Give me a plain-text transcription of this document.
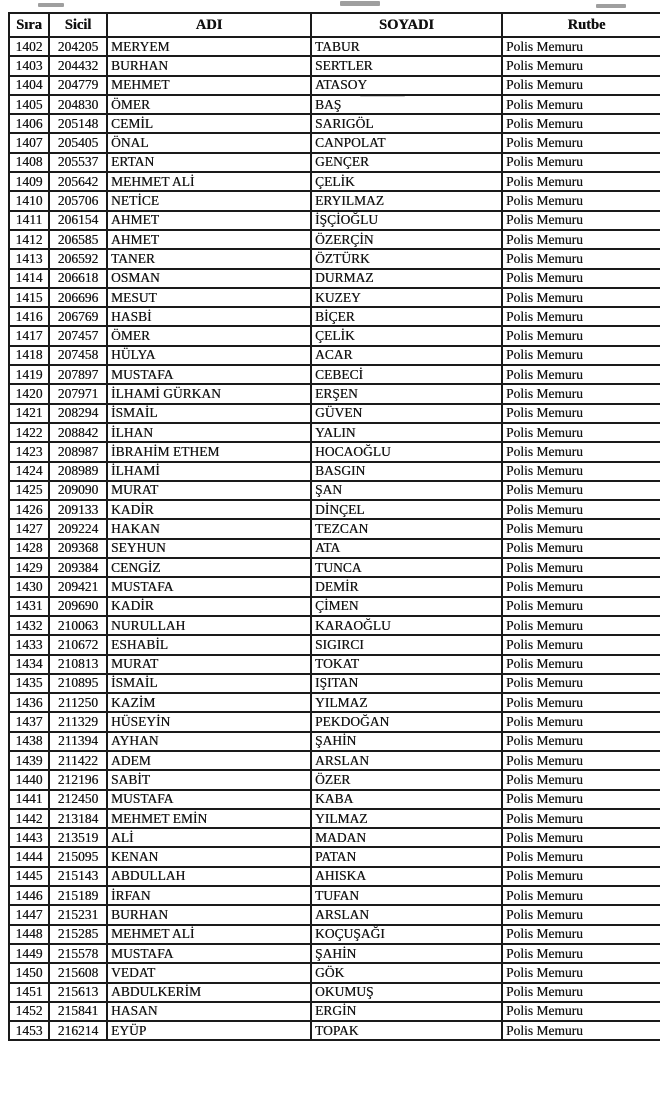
Sıra	Sicil	ADI	SOYADI	Rutbe
1402	204205	MERYEM	TABUR	Polis Memuru
1403	204432	BURHAN	SERTLER	Polis Memuru
1404	204779	MEHMET	ATASOY	Polis Memuru
1405	204830	ÖMER	BAŞ	Polis Memuru
1406	205148	CEMİL	SARIGÖL	Polis Memuru
1407	205405	ÖNAL	CANPOLAT	Polis Memuru
1408	205537	ERTAN	GENÇER	Polis Memuru
1409	205642	MEHMET ALİ	ÇELİK	Polis Memuru
1410	205706	NETİCE	ERYILMAZ	Polis Memuru
1411	206154	AHMET	İŞÇİOĞLU	Polis Memuru
1412	206585	AHMET	ÖZERÇİN	Polis Memuru
1413	206592	TANER	ÖZTÜRK	Polis Memuru
1414	206618	OSMAN	DURMAZ	Polis Memuru
1415	206696	MESUT	KUZEY	Polis Memuru
1416	206769	HASBİ	BİÇER	Polis Memuru
1417	207457	ÖMER	ÇELİK	Polis Memuru
1418	207458	HÜLYA	ACAR	Polis Memuru
1419	207897	MUSTAFA	CEBECİ	Polis Memuru
1420	207971	İLHAMİ GÜRKAN	ERŞEN	Polis Memuru
1421	208294	İSMAİL	GÜVEN	Polis Memuru
1422	208842	İLHAN	YALIN	Polis Memuru
1423	208987	İBRAHİM ETHEM	HOCAOĞLU	Polis Memuru
1424	208989	İLHAMİ	BASGIN	Polis Memuru
1425	209090	MURAT	ŞAN	Polis Memuru
1426	209133	KADİR	DİNÇEL	Polis Memuru
1427	209224	HAKAN	TEZCAN	Polis Memuru
1428	209368	SEYHUN	ATA	Polis Memuru
1429	209384	CENGİZ	TUNCA	Polis Memuru
1430	209421	MUSTAFA	DEMİR	Polis Memuru
1431	209690	KADİR	ÇİMEN	Polis Memuru
1432	210063	NURULLAH	KARAOĞLU	Polis Memuru
1433	210672	ESHABİL	SIGIRCI	Polis Memuru
1434	210813	MURAT	TOKAT	Polis Memuru
1435	210895	İSMAİL	IŞITAN	Polis Memuru
1436	211250	KAZİM	YILMAZ	Polis Memuru
1437	211329	HÜSEYİN	PEKDOĞAN	Polis Memuru
1438	211394	AYHAN	ŞAHİN	Polis Memuru
1439	211422	ADEM	ARSLAN	Polis Memuru
1440	212196	SABİT	ÖZER	Polis Memuru
1441	212450	MUSTAFA	KABA	Polis Memuru
1442	213184	MEHMET EMİN	YILMAZ	Polis Memuru
1443	213519	ALİ	MADAN	Polis Memuru
1444	215095	KENAN	PATAN	Polis Memuru
1445	215143	ABDULLAH	AHISKA	Polis Memuru
1446	215189	İRFAN	TUFAN	Polis Memuru
1447	215231	BURHAN	ARSLAN	Polis Memuru
1448	215285	MEHMET ALİ	KOÇUŞAĞI	Polis Memuru
1449	215578	MUSTAFA	ŞAHİN	Polis Memuru
1450	215608	VEDAT	GÖK	Polis Memuru
1451	215613	ABDULKERİM	OKUMUŞ	Polis Memuru
1452	215841	HASAN	ERGİN	Polis Memuru
1453	216214	EYÜP	TOPAK	Polis Memuru
